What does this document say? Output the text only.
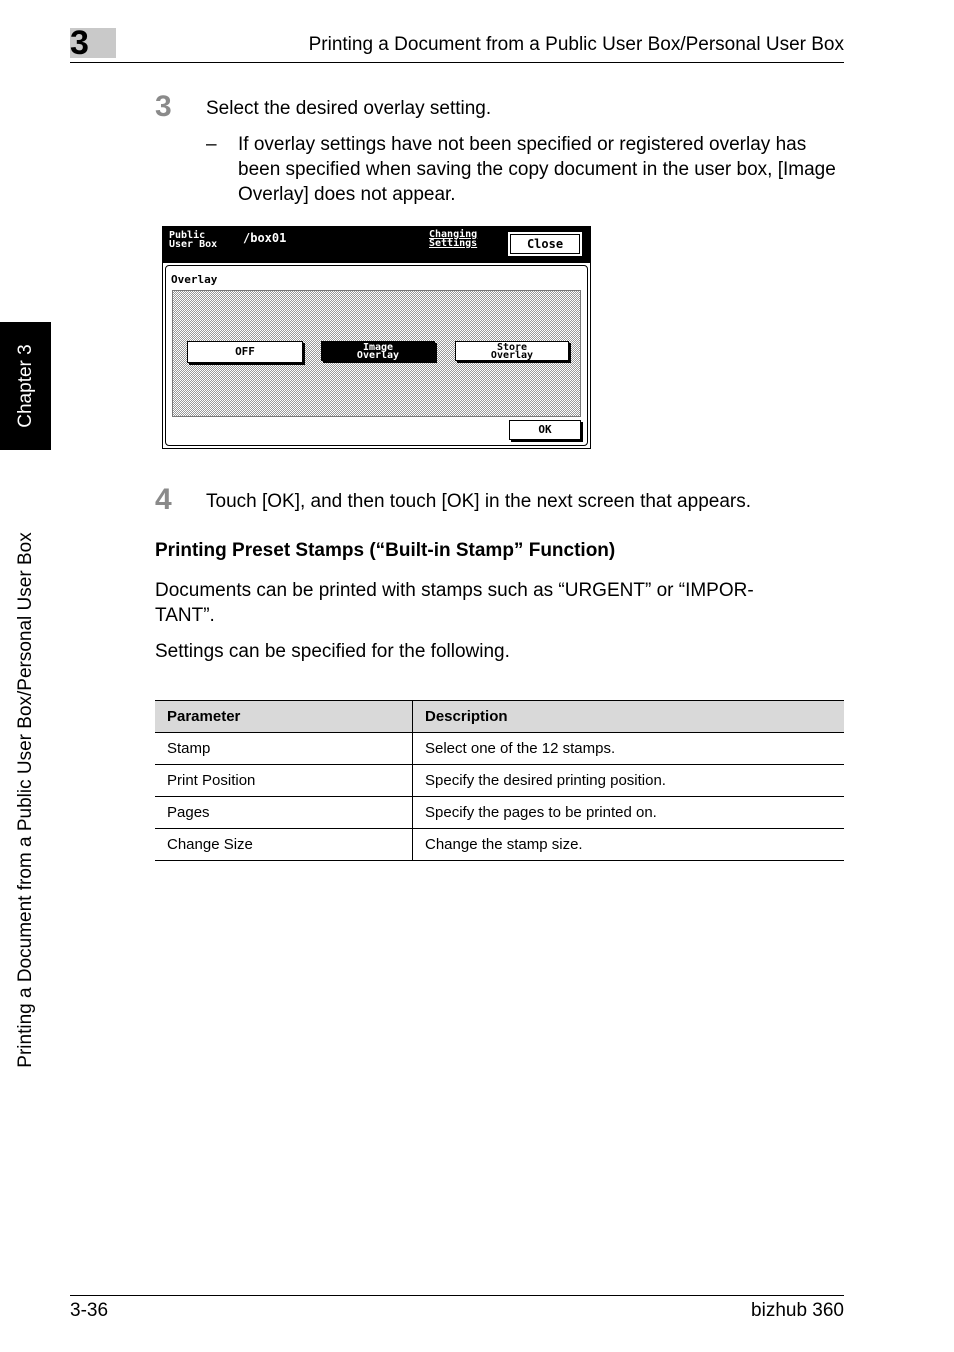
3	Printing a Document from a Public User Box/Personal User Box
Chapter 3
Printing a Document from a Public User Box/Personal User Box
3 Select the desired overlay setting.
– If overlay settings have not been specified or registered overlay has been specified when saving the copy document in the user box, [Image Overlay] does not appear.
Public
User Box /box01	Changing
Settings	Close
Overlay
OFF	Image
Overlay
Store
Overlay
OK
4 Touch [OK], and then touch [OK] in the next screen that appears.
Printing Preset Stamps (“Built-in Stamp” Function)
Documents can be printed with stamps such as “URGENT” or “IMPOR-
TANT”.
Settings can be specified for the following.
Parameter	Description
Stamp	Select one of the 12 stamps.
Print Position	Specify the desired printing position.
Pages	Specify the pages to be printed on.
Change Size	Change the stamp size.
3-36	bizhub 360
